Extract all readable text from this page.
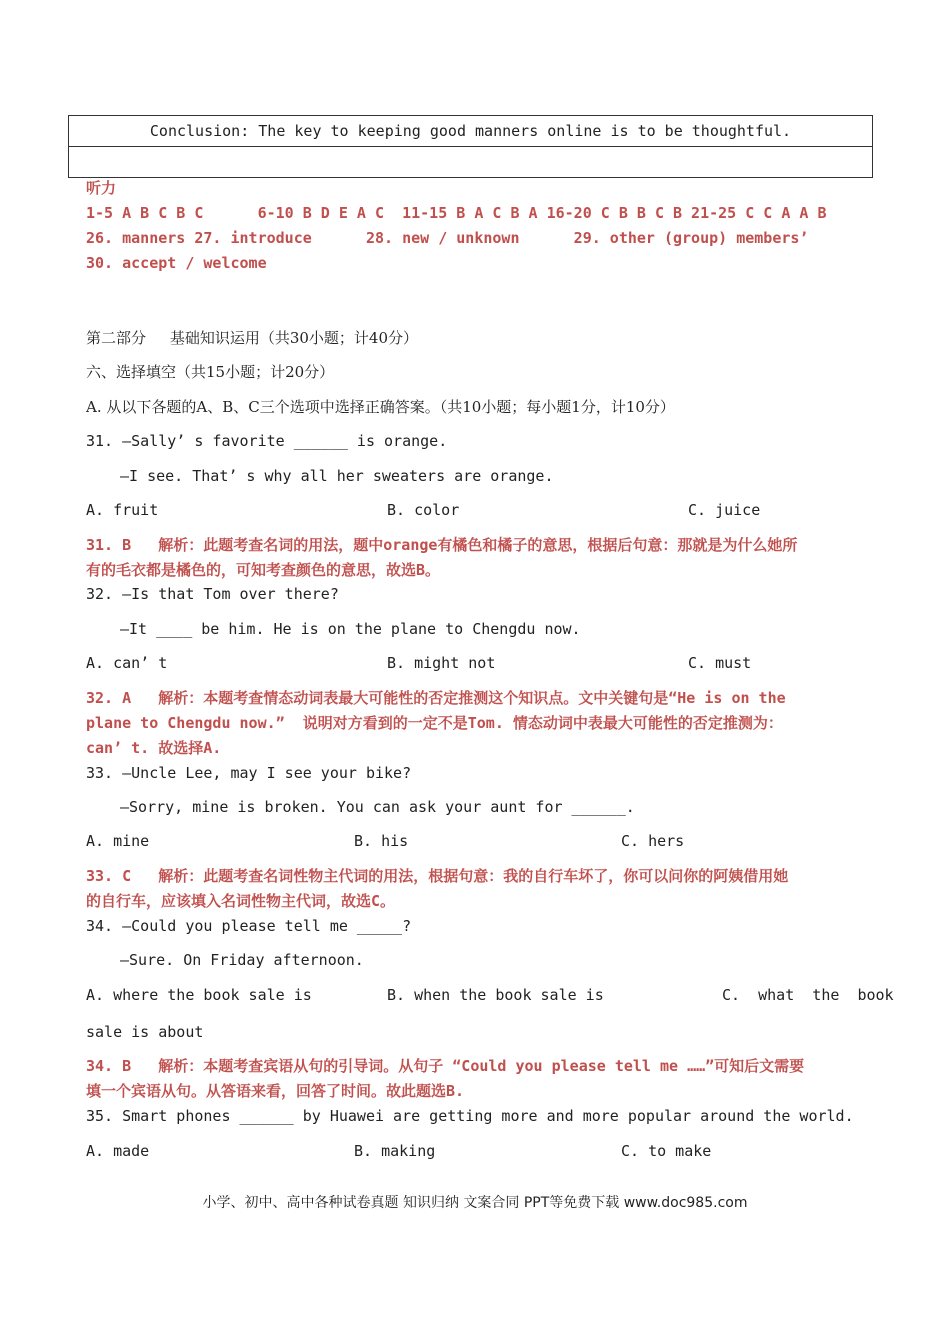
Conclusion: The key to keeping good manners online is to be thoughtful.

听力
1-5 A B C B C      6-10 B D E A C  11-15 B A C B A 16-20 C B B C B 21-25 C C A A B
26. manners 27. introduce      28. new / unknown      29. other (group) members’
30. accept / welcome
第二部分     基础知识运用（共30小题；计40分）
六、选择填空（共15小题；计20分）
A. 从以下各题的A、B、C三个选项中选择正确答案。（共10小题；每小题1分，计10分）
31. —Sally’ s favorite ______ is orange.
—I see. That’ s why all her sweaters are orange.
A. fruit	B. color	C. juice
31. B   解析：此题考查名词的用法，题中orange有橘色和橘子的意思，根据后句意：那就是为什么她所
有的毛衣都是橘色的，可知考查颜色的意思，故选B。
32. —Is that Tom over there?
—It ____ be him. He is on the plane to Chengdu now.
A. can’ t	B. might not	C. must
32. A   解析：本题考查情态动词表最大可能性的否定推测这个知识点。文中关键句是“He is on the
plane to Chengdu now.”  说明对方看到的一定不是Tom. 情态动词中表最大可能性的否定推测为：
can’ t. 故选择A.
33. —Uncle Lee, may I see your bike?
—Sorry, mine is broken. You can ask your aunt for ______.
A. mine	B. his	C. hers
33. C   解析：此题考查名词性物主代词的用法，根据句意：我的自行车坏了，你可以问你的阿姨借用她
的自行车，应该填入名词性物主代词，故选C。
34. —Could you please tell me _____?
—Sure. On Friday afternoon.
A. where the book sale is	B. when the book sale is	C.  what  the  book
sale is about
34. B   解析：本题考查宾语从句的引导词。从句子 “Could you please tell me ……”可知后文需要
填一个宾语从句。从答语来看，回答了时间。故此题选B.
35. Smart phones ______ by Huawei are getting more and more popular around the world.
A. made	B. making	C. to make
小学、初中、高中各种试卷真题 知识归纳 文案合同 PPT等免费下载 www.doc985.com
